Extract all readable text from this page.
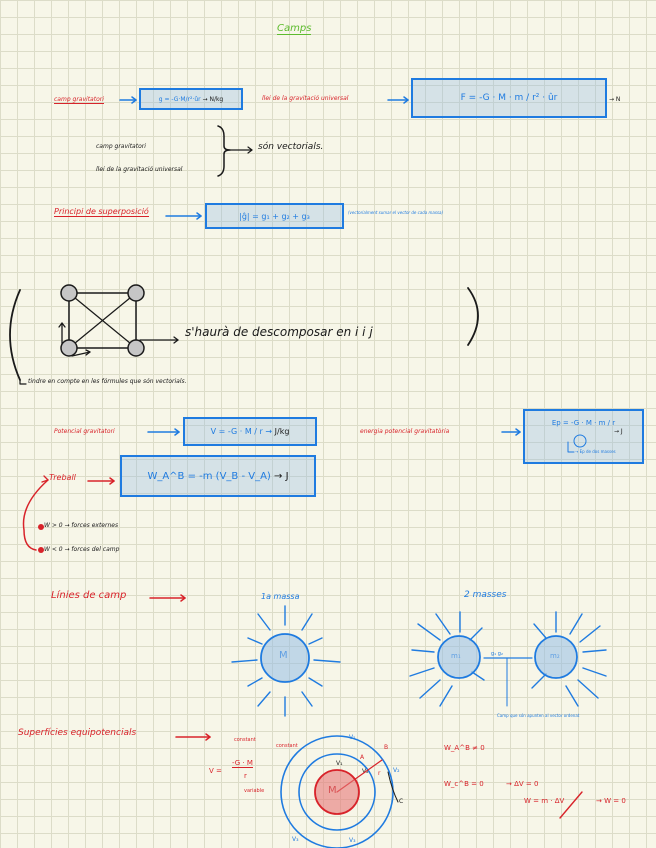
Camps
camp gravitatori	g = -G·M/r²·ûr
→ N/kg	llei de la gravitació universal	F = -G · M · m / r² · ûr	→ N
camp gravitatori
llei de la gravitació universal
són vectorials.
Principi de superposició	|ĝ| = g₁ + g₂ + g₃	(vectorialment sumar el vector de cada massa)
s'haurà de descomposar en i i j
tindre en compte en les fórmules que són vectorials.
Potencial gravitatori	V = -G · M / r → J/kg	energia potencial gravitatòria
Ep = -G · M · m / r
→ Ep de dos masses
→ J
Treball	W_A^B = -m (V_B - V_A)
→ J
W > 0 → forces externes
W < 0 → forces del camp
Línies de camp	1a massa	2 masses
g₁ g₂
Camp que són apunten al vector ordenat
Superfícies equipotencials
constant
constant
variable
V =
-G · M
r
W_A^B ≠ 0
W_c^B = 0	→ ΔV = 0
W = m · ΔV	→ W = 0
V₁
V₂
V₃
V₁
V₂
V₃
A
B
C
r
